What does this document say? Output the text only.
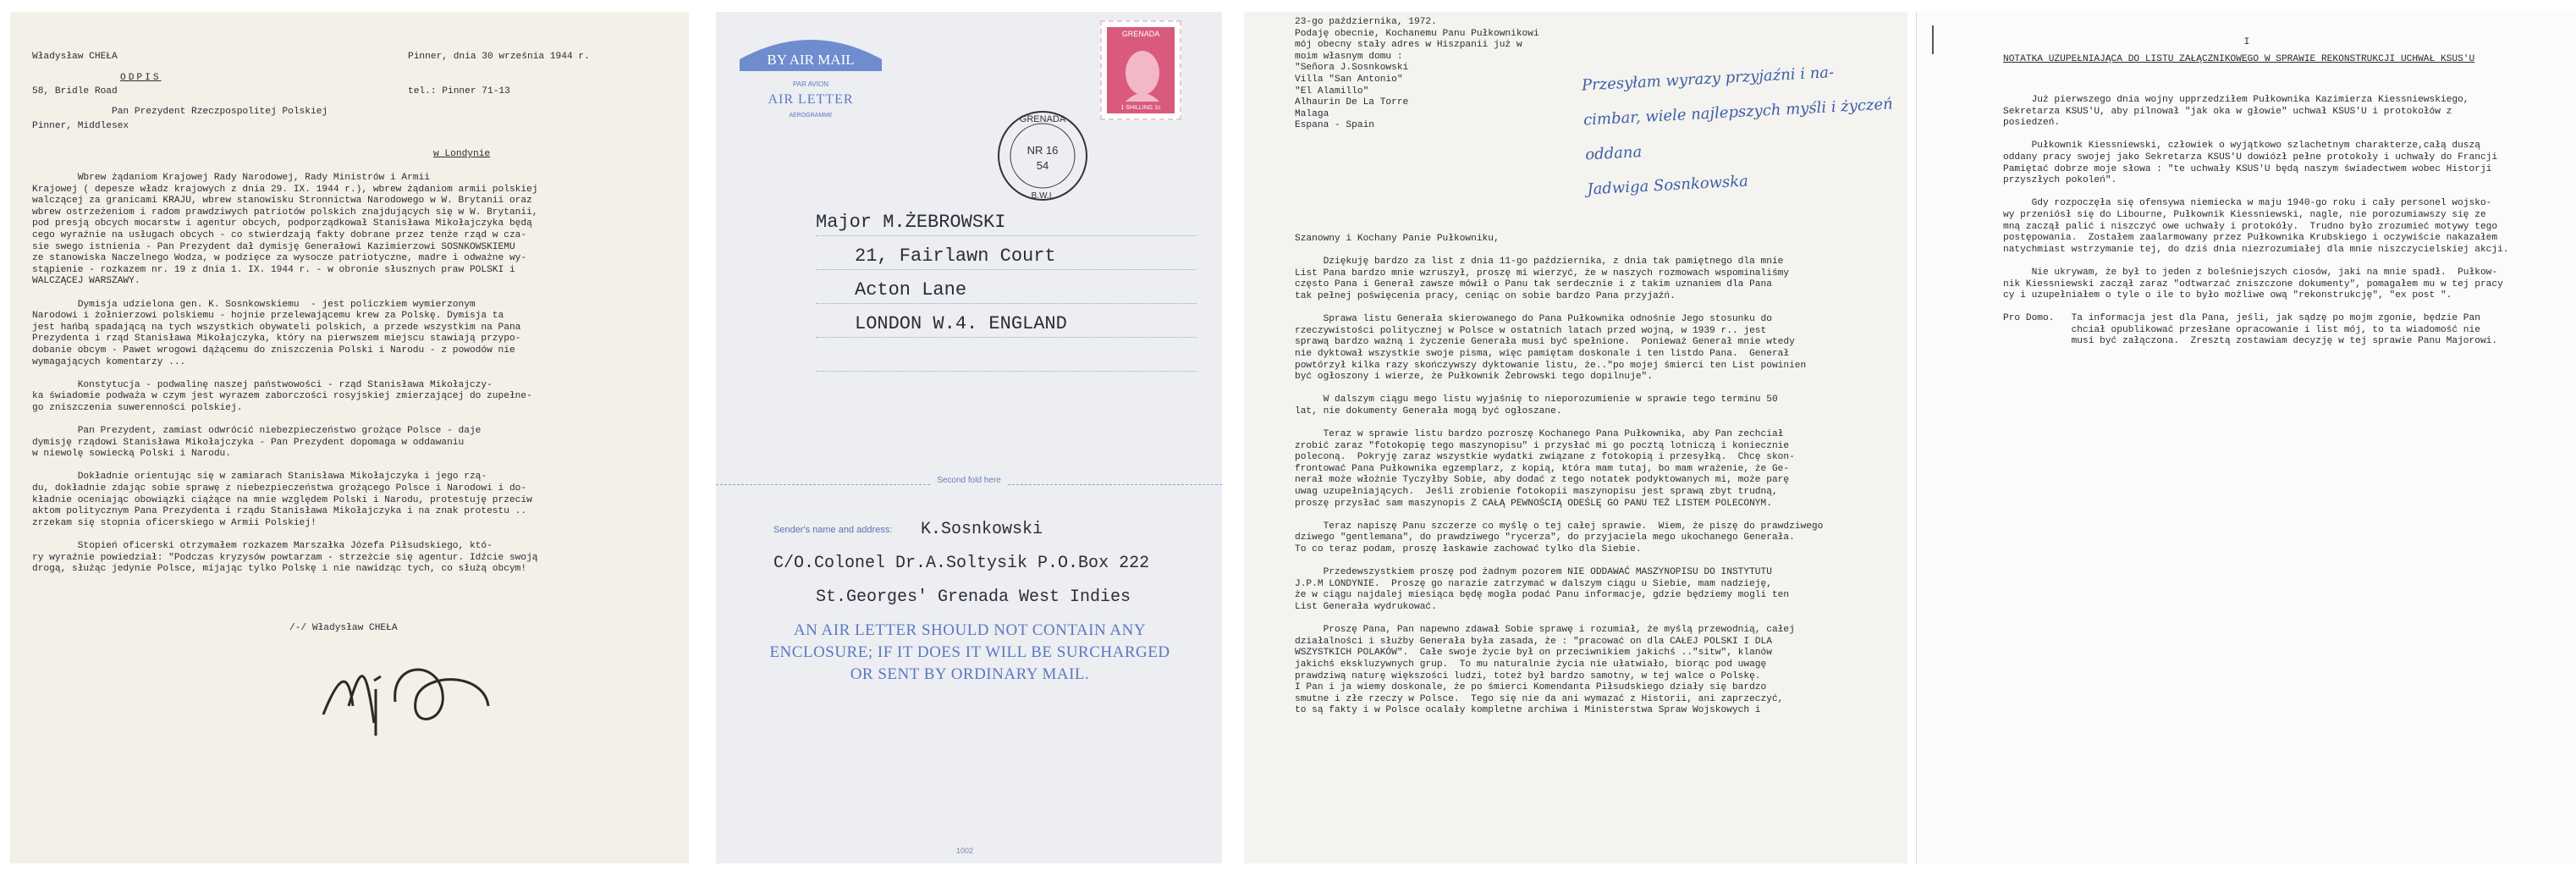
Władysław CHEŁA

58, Bridle Road

Pinner, Middlesex

Pinner, dnia 30 września 1944 r.

tel.: Pinner 71-13

ODPIS
Pan Prezydent Rzeczpospolitej Polskiej
w Londynie

Wbrew żądaniom Krajowej Rady Narodowej, Rady Ministrów i Armii

Krajowej ( depesze władz krajowych z dnia 29. IX. 1944 r.), wbrew żądaniom armii polskiej

walczącej za granicami KRAJU, wbrew stanowisku Stronnictwa Narodowego w W. Brytanii oraz

wbrew ostrzeżeniom i radom prawdziwych patriotów polskich znajdujących się w W. Brytanii,

pod presją obcych mocarstw i agentur obcych, podporządkował Stanisława Mikołajczyka będą

cego wyraźnie na usługach obcych - co stwierdzają fakty dobrane przez tenże rząd w cza-

sie swego istnienia - Pan Prezydent dał dymisję Generałowi Kazimierzowi SOSNKOWSKIEMU

ze stanowiska Naczelnego Wodza, w podzięce za wysocze patriotyczne, madre i odważne wy-

stąpienie - rozkazem nr. 19 z dnia 1. IX. 1944 r. - w obronie słusznych praw POLSKI i

WALCZĄCEJ WARSZAWY.

Dymisja udzielona gen. K. Sosnkowskiemu  - jest policzkiem wymierzonym

Narodowi i żołnierzowi polskiemu - hojnie przelewającemu krew za Polskę. Dymisja ta

jest hańbą spadającą na tych wszystkich obywateli polskich, a przede wszystkim na Pana

Prezydenta i rząd Stanisława Mikołajczyka, który na pierwszem miejscu stawiają przypo-

dobanie obcym - Pawet wrogowi dążącemu do zniszczenia Polski i Narodu - z powodów nie

wymagających komentarzy ...

Konstytucja - podwalinę naszej państwowości - rząd Stanisława Mikołajczy-

ka świadomie podważa w czym jest wyrazem zaborczości rosyjskiej zmierzającej do zupełne-

go zniszczenia suwerenności polskiej.

Pan Prezydent, zamiast odwrócić niebezpieczeństwo grożące Polsce - daje

dymisję rządowi Stanisława Mikołajczyka - Pan Prezydent dopomaga w oddawaniu

w niewolę sowiecką Polski i Narodu.

Dokładnie orientując się w zamiarach Stanisława Mikołajczyka i jego rzą-

du, dokładnie zdając sobie sprawę z niebezpieczeństwa grożącego Polsce i Narodowi i do-

kładnie oceniając obowiązki ciążące na mnie względem Polski i Narodu, protestuję przeciw

aktom politycznym Pana Prezydenta i rządu Stanisława Mikołajczyka i na znak protestu ..

zrzekam się stopnia oficerskiego w Armii Polskiej!

Stopień oficerski otrzymałem rozkazem Marszałka Józefa Piłsudskiego, któ-

ry wyraźnie powiedział: "Podczas kryzysów powtarzam - strzeżcie się agentur. Idźcie swoją

drogą, służąc jedynie Polsce, mijając tylko Polskę i nie nawidząc tych, co służą obcym!

/-/ Władysław CHEŁA
BY AIR MAIL
PAR AVION
AIR LETTER
AEROGRAMME
GRENADA
1 SHILLING 1c
GRENADA
NR 16
54
B.W.I.
Major M.ŻEBROWSKI
21, Fairlawn Court
Acton Lane
LONDON W.4. ENGLAND
Second fold here
Sender's name and address: K.Sosnkowski
C/O.Colonel Dr.A.Soltysik P.O.Box 222
St.Georges' Grenada West Indies
AN AIR LETTER SHOULD NOT CONTAIN ANY
ENCLOSURE; IF IT DOES IT WILL BE SURCHARGED
OR SENT BY ORDINARY MAIL.
1002

23-go października, 1972.

Podaję obecnie, Kochanemu Panu Pułkownikowi

mój obecny stały adres w Hiszpanii już w

moim własnym domu :

"Señora J.Sosnkowski

Villa "San Antonio"

"El Alamillo"

Alhaurin De La Torre

Malaga

Espana - Spain

Przesyłam wyrazy przyjaźni i na-

cimbar, wiele najlepszych myśli i życzeń

oddana

Jadwiga Sosnkowska

Szanowny i Kochany Panie Pułkowniku,

Dziękuję bardzo za list z dnia 11-go października, z dnia tak pamiętnego dla mnie

List Pana bardzo mnie wzruszył, proszę mi wierzyć, że w naszych rozmowach wspominaliśmy

często Pana i Generał zawsze mówił o Panu tak serdecznie i z takim uznaniem dla Pana

tak pełnej poświęcenia pracy, ceniąc on sobie bardzo Pana przyjaźń.

Sprawa listu Generała skierowanego do Pana Pułkownika odnośnie Jego stosunku do

rzeczywistości politycznej w Polsce w ostatnich latach przed wojną, w 1939 r.. jest

sprawą bardzo ważną i życzenie Generała musi być spełnione.  Ponieważ Generał mnie wtedy

nie dyktował wszystkie swoje pisma, więc pamiętam doskonale i ten listdo Pana.  Generał

powtórzył kilka razy skończywszy dyktowanie listu, że.."po mojej śmierci ten List powinien

być ogłoszony i wierze, że Pułkownik Żebrowski tego dopilnuje".

W dalszym ciągu mego listu wyjaśnię to nieporozumienie w sprawie tego terminu 50

lat, nie dokumenty Generała mogą być ogłoszane.

Teraz w sprawie listu bardzo pozroszę Kochanego Pana Pułkownika, aby Pan zechciał

zrobić zaraz "fotokopię tego maszynopisu" i przysłać mi go pocztą lotniczą i koniecznie

poleconą.  Pokryję zaraz wszystkie wydatki związane z fotokopią i przesyłką.  Chcę skon-

frontować Pana Pułkownika egzemplarz, z kopią, która mam tutaj, bo mam wrażenie, że Ge-

nerał może włożnie Tyczyłby Sobie, aby dodać z tego notatek podyktowanych mi, może parę

uwag uzupełniających.  Jeśli zrobienie fotokopii maszynopisu jest sprawą zbyt trudną,

proszę przysłać sam maszynopis Z CAŁĄ PEWNOŚCIĄ ODEŚLĘ GO PANU TEŻ LISTEM POLECONYM.

Teraz napiszę Panu szczerze co myślę o tej całej sprawie.  Wiem, że piszę do prawdziwego

dziwego "gentlemana", do prawdziwego "rycerza", do przyjaciela mego ukochanego Generała.

To co teraz podam, proszę łaskawie zachować tylko dla Siebie.

Przedewszystkiem proszę pod żadnym pozorem NIE ODDAWAĆ MASZYNOPISU DO INSTYTUTU

J.P.M LONDYNIE.  Proszę go narazie zatrzymać w dalszym ciągu u Siebie, mam nadzieję,

że w ciągu najdalej miesiąca będę mogła podać Panu informacje, gdzie będziemy mogli ten

List Generała wydrukować.

Proszę Pana, Pan napewno zdawał Sobie sprawę i rozumiał, że myślą przewodnią, całej

działalności i służby Generała była zasada, że : "pracować on dla CAŁEJ POLSKI I DLA

WSZYSTKICH POLAKÓW".  Całe swoje życie był on przeciwnikiem jakichś .."sitw", klanów

jakichś ekskluzywnych grup.  To mu naturalnie życia nie ułatwiało, biorąc pod uwagę

prawdziwą naturę większości ludzi, toteż był bardzo samotny, w tej walce o Polskę.

I Pan i ja wiemy doskonale, że po śmierci Komendanta Piłsudskiego działy się bardzo

smutne i złe rzeczy w Polsce.  Tego się nie da ani wymazać z Historii, ani zaprzeczyć,

to są fakty i w Polsce ocalały kompletne archiwa i Ministerstwa Spraw Wojskowych i

I
NOTATKA UZUPEŁNIAJĄCA DO LISTU ZAŁĄCZNIKOWEGO W SPRAWIE REKONSTRUKCJI UCHWAŁ KSUS'U

Już pierwszego dnia wojny upprzedziłem Pułkownika Kazimierza Kiessniewskiego,

Sekretarza KSUS'U, aby pilnował "jak oka w głowie" uchwał KSUS'U i protokołów z

posiedzeń.

Pułkownik Kiessniewski, człowiek o wyjątkowo szlachetnym charakterze,całą duszą

oddany pracy swojej jako Sekretarza KSUS'U dowiózł pełne protokoły i uchwały do Francji

Pamiętać dobrze moje słowa : "te uchwały KSUS'U będą naszym świadectwem wobec Historji

przyszłych pokoleń".

Gdy rozpoczęła się ofensywa niemiecka w maju 1940-go roku i cały personel wojsko-

wy przeniósł się do Libourne, Pułkownik Kiessniewski, nagle, nie porozumiawszy się ze

mną zaczął palić i niszczyć owe uchwały i protokóły.  Trudno było zrozumieć motywy tego

postępowania.  Zostałem zaalarmowany przez Pułkownika Krubskiego i oczywiście nakazałem

natychmiast wstrzymanie tej, do dziś dnia niezrozumiałej dla mnie niszczycielskiej akcji.

Nie ukrywam, że był to jeden z boleśniejszych ciosów, jaki na mnie spadł.  Pułkow-

nik Kiessniewski zaczął zaraz "odtwarzać zniszczone dokumenty", pomagałem mu w tej pracy

cy i uzupełniałem o tyle o ile to było możliwe ową "rekonstrukcję", "ex post ".

Pro Domo.   Ta informacja jest dla Pana, jeśli, jak sądzę po mojm zgonie, będzie Pan

chciał opublikować przesłane opracowanie i list mój, to ta wiadomość nie

musi być załączona.  Zresztą zostawiam decyzję w tej sprawie Panu Majorowi.
